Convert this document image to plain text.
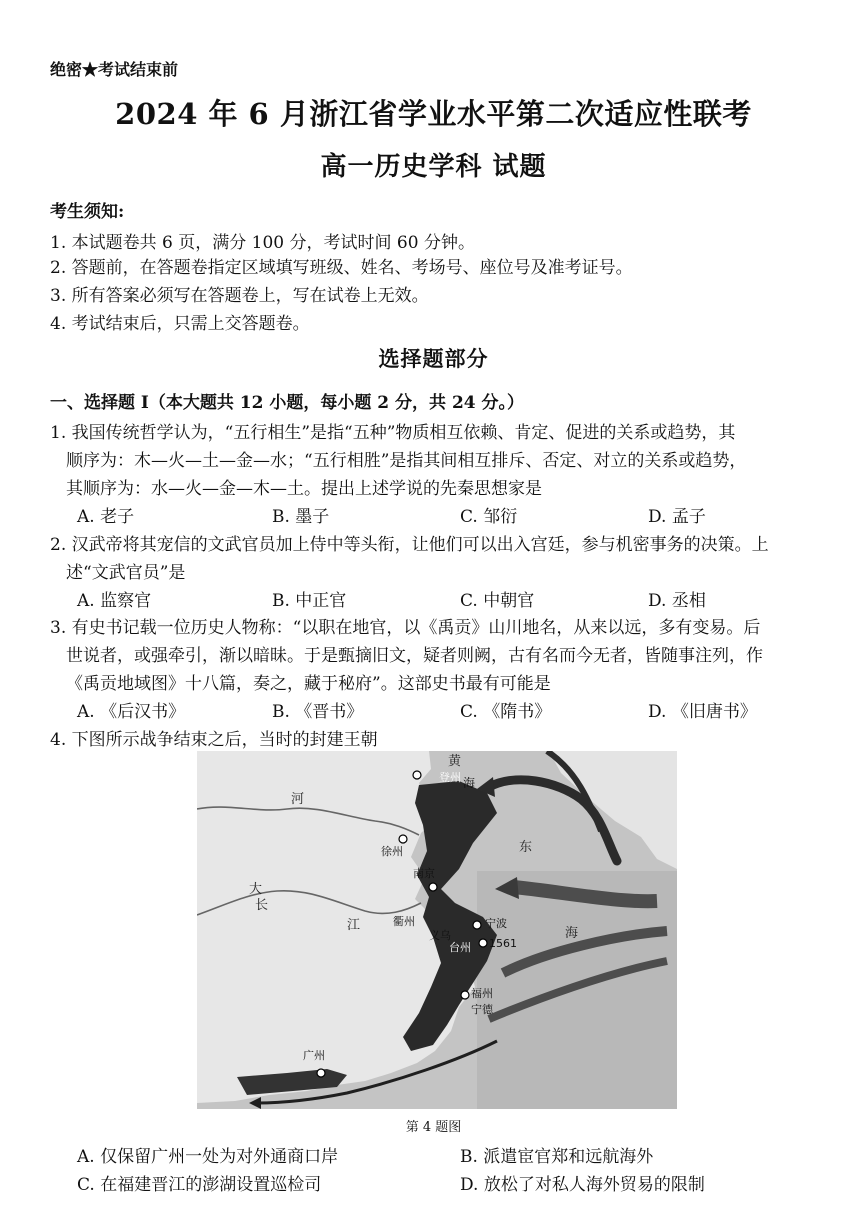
绝密★考试结束前
2024 年 6 月浙江省学业水平第二次适应性联考
高一历史学科 试题
考生须知:
1. 本试题卷共 6 页，满分 100 分，考试时间 60 分钟。
2. 答题前，在答题卷指定区域填写班级、姓名、考场号、座位号及准考证号。
3. 所有答案必须写在答题卷上，写在试卷上无效。
4. 考试结束后，只需上交答题卷。
选择题部分
一、选择题 I（本大题共 12 小题，每小题 2 分，共 24 分。）
1. 我国传统哲学认为，“五行相生”是指“五种”物质相互依赖、肯定、促进的关系或趋势，其
顺序为：木—火—土—金—水；“五行相胜”是指其间相互排斥、否定、对立的关系或趋势，
其顺序为：水—火—金—木—土。提出上述学说的先秦思想家是
A. 老子	B. 墨子	C. 邹衍	D. 孟子
2. 汉武帝将其宠信的文武官员加上侍中等头衔，让他们可以出入宫廷，参与机密事务的决策。上
述“文武官员”是
A. 监察官	B. 中正官	C. 中朝官	D. 丞相
3. 有史书记载一位历史人物称：“以职在地官，以《禹贡》山川地名，从来以远，多有变易。后
世说者，或强牵引，渐以暗昧。于是甄摘旧文，疑者则阙，古有名而今无者，皆随事注列，作
《禹贡地域图》十八篇，奏之，藏于秘府”。这部史书最有可能是
A. 《后汉书》	B. 《晋书》	C. 《隋书》	D. 《旧唐书》
4. 下图所示战争结束之后，当时的封建王朝
黄
河
海
登州
徐州
南京
长
江
大
东
宁波
义乌
台州 1561
衢州
福州
宁德
广州
海
第 4 题图
A. 仅保留广州一处为对外通商口岸	B. 派遣宦官郑和远航海外
C. 在福建晋江的澎湖设置巡检司	D. 放松了对私人海外贸易的限制
